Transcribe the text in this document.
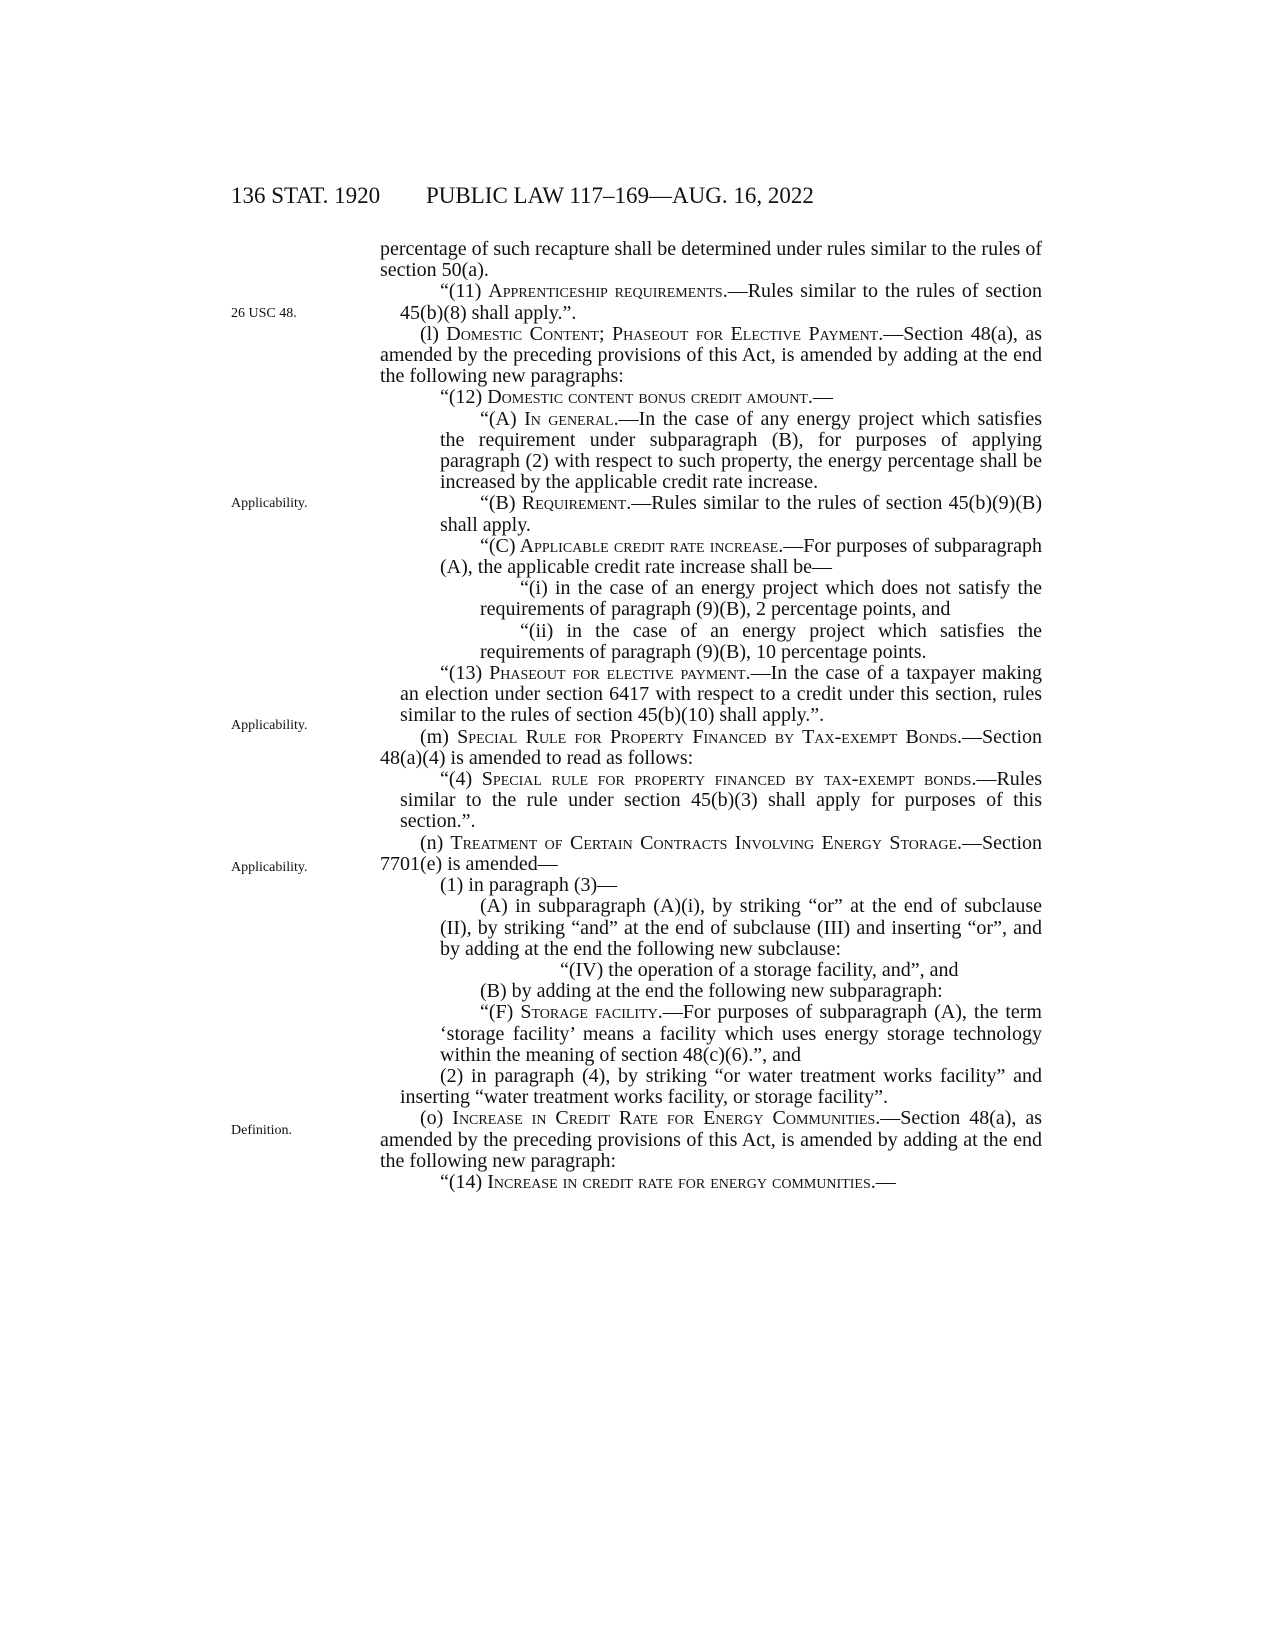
136 STAT. 1920 PUBLIC LAW 117–169—AUG. 16, 2022
26 USC 48.
Applicability.
Applicability.
Applicability.
Definition.

percentage of such recapture shall be determined under rules similar to the rules of section 50(a).

“(11) Apprenticeship requirements.—Rules similar to the rules of section 45(b)(8) shall apply.”.

(l) Domestic Content; Phaseout for Elective Payment.—Section 48(a), as amended by the preceding provisions of this Act, is amended by adding at the end the following new paragraphs:

“(12) Domestic content bonus credit amount.—

“(A) In general.—In the case of any energy project which satisfies the requirement under subparagraph (B), for purposes of applying paragraph (2) with respect to such property, the energy percentage shall be increased by the applicable credit rate increase.

“(B) Requirement.—Rules similar to the rules of section 45(b)(9)(B) shall apply.

“(C) Applicable credit rate increase.—For purposes of subparagraph (A), the applicable credit rate increase shall be—

“(i) in the case of an energy project which does not satisfy the requirements of paragraph (9)(B), 2 percentage points, and

“(ii) in the case of an energy project which satisfies the requirements of paragraph (9)(B), 10 percentage points.

“(13) Phaseout for elective payment.—In the case of a taxpayer making an election under section 6417 with respect to a credit under this section, rules similar to the rules of section 45(b)(10) shall apply.”.

(m) Special Rule for Property Financed by Tax-exempt Bonds.—Section 48(a)(4) is amended to read as follows:

“(4) Special rule for property financed by tax-exempt bonds.—Rules similar to the rule under section 45(b)(3) shall apply for purposes of this section.”.

(n) Treatment of Certain Contracts Involving Energy Storage.—Section 7701(e) is amended—

(1) in paragraph (3)—

(A) in subparagraph (A)(i), by striking “or” at the end of subclause (II), by striking “and” at the end of subclause (III) and inserting “or”, and by adding at the end the following new subclause:

“(IV) the operation of a storage facility, and”, and

(B) by adding at the end the following new subparagraph:

“(F) Storage facility.—For purposes of subparagraph (A), the term ‘storage facility’ means a facility which uses energy storage technology within the meaning of section 48(c)(6).”, and

(2) in paragraph (4), by striking “or water treatment works facility” and inserting “water treatment works facility, or storage facility”.

(o) Increase in Credit Rate for Energy Communities.—Section 48(a), as amended by the preceding provisions of this Act, is amended by adding at the end the following new paragraph:

“(14) Increase in credit rate for energy communities.—
